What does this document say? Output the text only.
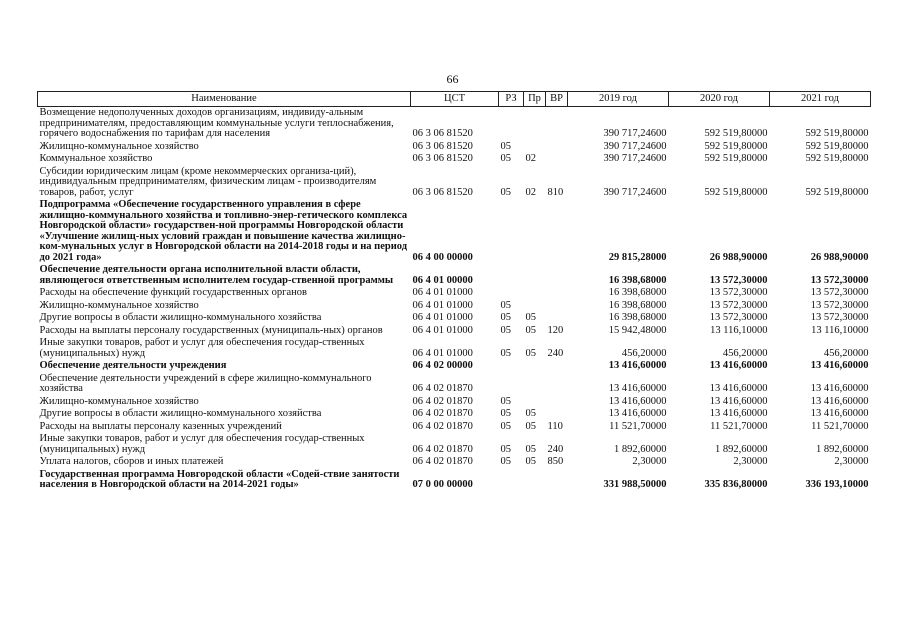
66
Наименование	ЦСТ	РЗ	Пр	ВР	2019 год	2020 год	2021 год
Возмещение недополученных доходов организациям, индивиду-альным предпринимателям, предоставляющим коммунальные услуги теплоснабжения, горячего водоснабжения по тарифам для населения	06 3 06 81520				390 717,24600	592 519,80000	592 519,80000
Жилищно-коммунальное хозяйство	06 3 06 81520	05			390 717,24600	592 519,80000	592 519,80000
Коммунальное хозяйство	06 3 06 81520	05	02		390 717,24600	592 519,80000	592 519,80000
Субсидии юридическим лицам (кроме некоммерческих организа-ций), индивидуальным предпринимателям, физическим лицам - производителям товаров, работ, услуг	06 3 06 81520	05	02	810	390 717,24600	592 519,80000	592 519,80000
Подпрограмма «Обеспечение государственного управления в сфере жилищно-коммунального хозяйства и топливно-энер-гетического комплекса Новгородской области» государствен-ной программы Новгородской области «Улучшение жилищ-ных условий граждан и повышение качества жилищно-ком-мунальных услуг в Новгородской области на 2014-2018 годы и на период до 2021 года»	06 4 00 00000				29 815,28000	26 988,90000	26 988,90000
Обеспечение деятельности органа исполнительной власти области, являющегося ответственным исполнителем государ-ственной программы	06 4 01 00000				16 398,68000	13 572,30000	13 572,30000
Расходы на обеспечение функций государственных органов	06 4 01 01000				16 398,68000	13 572,30000	13 572,30000
Жилищно-коммунальное хозяйство	06 4 01 01000	05			16 398,68000	13 572,30000	13 572,30000
Другие вопросы в области жилищно-коммунального хозяйства	06 4 01 01000	05	05		16 398,68000	13 572,30000	13 572,30000
Расходы на выплаты персоналу государственных (муниципаль-ных) органов	06 4 01 01000	05	05	120	15 942,48000	13 116,10000	13 116,10000
Иные закупки товаров, работ и услуг для обеспечения государ-ственных (муниципальных) нужд	06 4 01 01000	05	05	240	456,20000	456,20000	456,20000
Обеспечение деятельности учреждения	06 4 02 00000				13 416,60000	13 416,60000	13 416,60000
Обеспечение деятельности учреждений в сфере жилищно-коммунального хозяйства	06 4 02 01870				13 416,60000	13 416,60000	13 416,60000
Жилищно-коммунальное хозяйство	06 4 02 01870	05			13 416,60000	13 416,60000	13 416,60000
Другие вопросы в области жилищно-коммунального хозяйства	06 4 02 01870	05	05		13 416,60000	13 416,60000	13 416,60000
Расходы на выплаты персоналу казенных учреждений	06 4 02 01870	05	05	110	11 521,70000	11 521,70000	11 521,70000
Иные закупки товаров, работ и услуг для обеспечения государ-ственных (муниципальных) нужд	06 4 02 01870	05	05	240	1 892,60000	1 892,60000	1 892,60000
Уплата налогов, сборов и иных платежей	06 4 02 01870	05	05	850	2,30000	2,30000	2,30000
Государственная программа Новгородской области «Содей-ствие занятости населения в Новгородской области на 2014-2021 годы»	07 0 00 00000				331 988,50000	335 836,80000	336 193,10000
